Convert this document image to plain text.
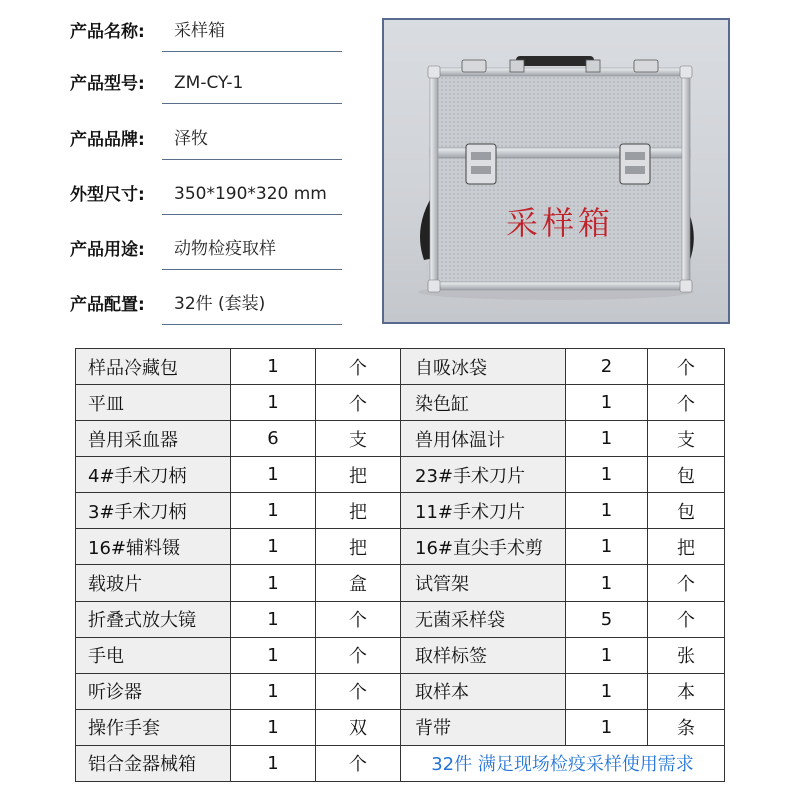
产品名称:	采样箱
产品型号:	ZM-CY-1
产品品牌:	泽牧
外型尺寸:	350*190*320 mm
产品用途:	动物检疫取样
产品配置:	32件 (套装)
采样箱
样品冷藏包	1	个	自吸冰袋	2	个
平皿	1	个	染色缸	1	个
兽用采血器	6	支	兽用体温计	1	支
4#手术刀柄	1	把	23#手术刀片	1	包
3#手术刀柄	1	把	11#手术刀片	1	包
16#辅料镊	1	把	16#直尖手术剪	1	把
载玻片	1	盒	试管架	1	个
折叠式放大镜	1	个	无菌采样袋	5	个
手电	1	个	取样标签	1	张
听诊器	1	个	取样本	1	本
操作手套	1	双	背带	1	条
铝合金器械箱	1	个	32件 满足现场检疫采样使用需求		
